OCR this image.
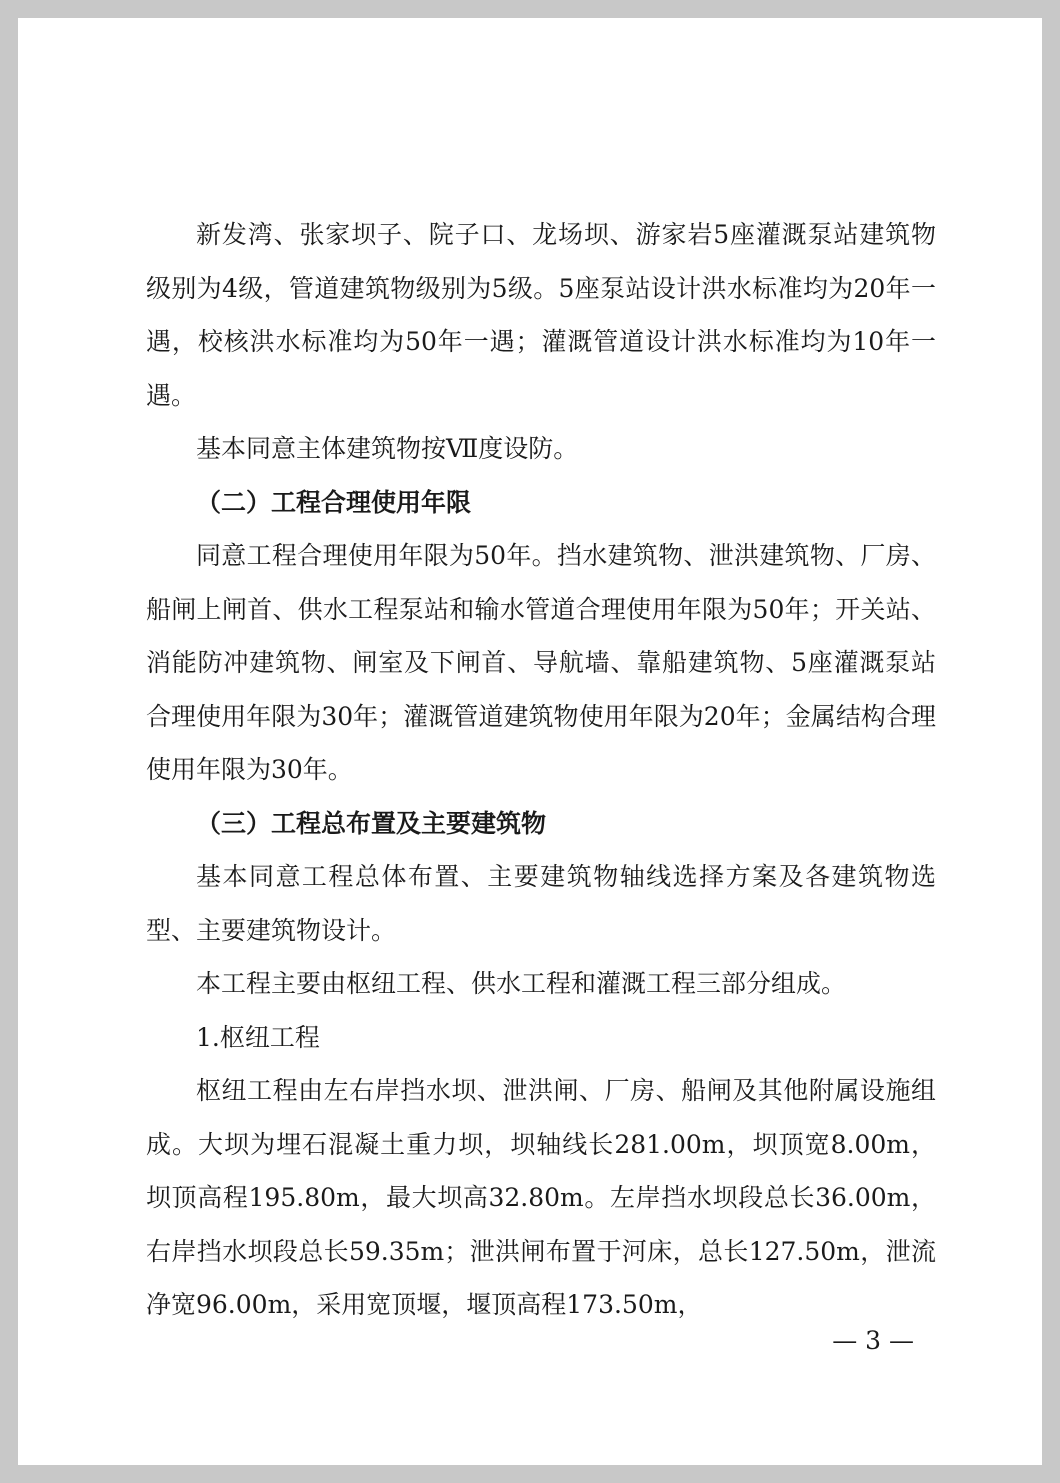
新发湾、张家坝子、院子口、龙场坝、游家岩5座灌溉泵站建筑物级别为4级，管道建筑物级别为5级。5座泵站设计洪水标准均为20年一遇，校核洪水标准均为50年一遇；灌溉管道设计洪水标准均为10年一遇。

基本同意主体建筑物按Ⅶ度设防。

（二）工程合理使用年限

同意工程合理使用年限为50年。挡水建筑物、泄洪建筑物、厂房、船闸上闸首、供水工程泵站和输水管道合理使用年限为50年；开关站、消能防冲建筑物、闸室及下闸首、导航墙、靠船建筑物、5座灌溉泵站合理使用年限为30年；灌溉管道建筑物使用年限为20年；金属结构合理使用年限为30年。

（三）工程总布置及主要建筑物

基本同意工程总体布置、主要建筑物轴线选择方案及各建筑物选型、主要建筑物设计。

本工程主要由枢纽工程、供水工程和灌溉工程三部分组成。

1.枢纽工程

枢纽工程由左右岸挡水坝、泄洪闸、厂房、船闸及其他附属设施组成。大坝为埋石混凝土重力坝，坝轴线长281.00m，坝顶宽8.00m，坝顶高程195.80m，最大坝高32.80m。左岸挡水坝段总长36.00m，右岸挡水坝段总长59.35m；泄洪闸布置于河床，总长127.50m，泄流净宽96.00m，采用宽顶堰，堰顶高程173.50m，

— 3 —
